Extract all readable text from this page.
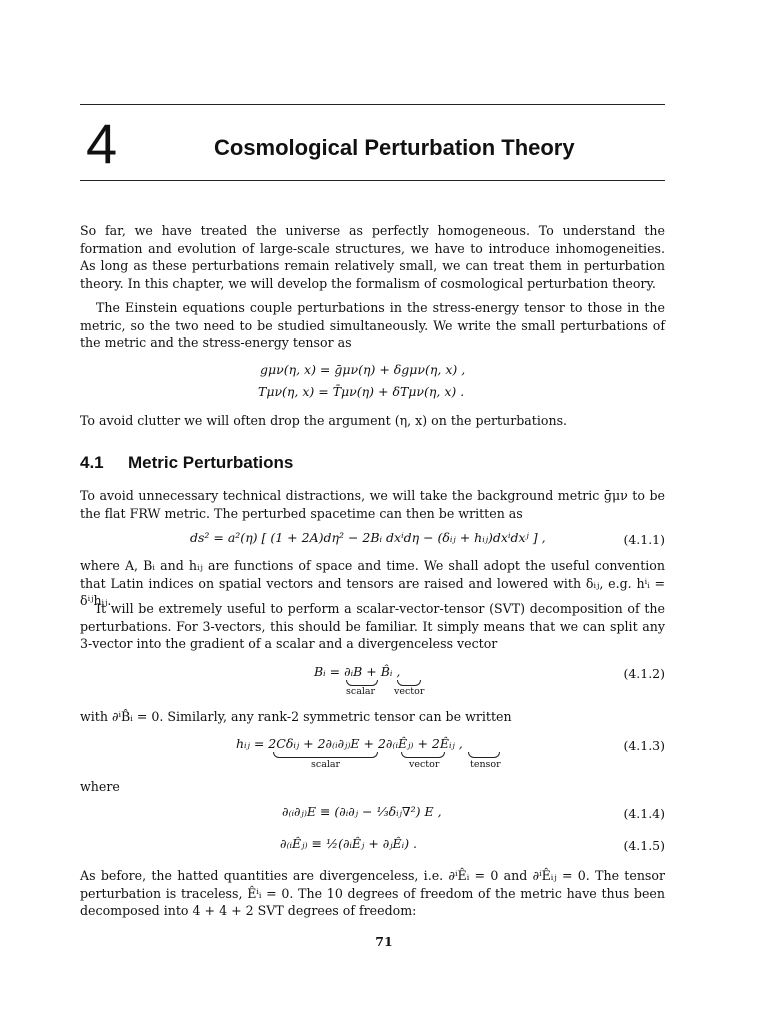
4	Cosmological Perturbation Theory
So far, we have treated the universe as perfectly homogeneous. To understand the formation and evolution of large-scale structures, we have to introduce inhomogeneities. As long as these perturbations remain relatively small, we can treat them in perturbation theory. In this chapter, we will develop the formalism of cosmological perturbation theory.
The Einstein equations couple perturbations in the stress-energy tensor to those in the metric, so the two need to be studied simultaneously. We write the small perturbations of the metric and the stress-energy tensor as
gμν(η, x) = ḡμν(η) + δgμν(η, x) ,
Tμν(η, x) = T̄μν(η) + δTμν(η, x) .
To avoid clutter we will often drop the argument (η, x) on the perturbations.
4.1 Metric Perturbations
To avoid unnecessary technical distractions, we will take the background metric ḡμν to be the flat FRW metric. The perturbed spacetime can then be written as
ds² = a²(η) [ (1 + 2A)dη² − 2Bᵢ dxⁱdη − (δᵢⱼ + hᵢⱼ)dxⁱdxʲ ] ,	(4.1.1)
where A, Bᵢ and hᵢⱼ are functions of space and time. We shall adopt the useful convention that Latin indices on spatial vectors and tensors are raised and lowered with δᵢⱼ, e.g. hⁱᵢ = δⁱʲhᵢⱼ.
It will be extremely useful to perform a scalar-vector-tensor (SVT) decomposition of the perturbations. For 3-vectors, this should be familiar. It simply means that we can split any 3-vector into the gradient of a scalar and a divergenceless vector
Bᵢ = ∂ᵢB + B̂ᵢ ,
scalar vector
(4.1.2)
with ∂ⁱB̂ᵢ = 0. Similarly, any rank-2 symmetric tensor can be written
hᵢⱼ = 2Cδᵢⱼ + 2∂₍ᵢ∂ⱼ₎E + 2∂₍ᵢÊⱼ₎ + 2Êᵢⱼ ,
scalar	vector	tensor
(4.1.3)
where
∂₍ᵢ∂ⱼ₎E ≡ (∂ᵢ∂ⱼ − ⅓δᵢⱼ∇²) E ,	(4.1.4)
∂₍ᵢÊⱼ₎ ≡ ½(∂ᵢÊⱼ + ∂ⱼÊᵢ) .	(4.1.5)
As before, the hatted quantities are divergenceless, i.e. ∂ⁱÊᵢ = 0 and ∂ⁱÊᵢⱼ = 0. The tensor perturbation is traceless, Êⁱᵢ = 0. The 10 degrees of freedom of the metric have thus been decomposed into 4 + 4 + 2 SVT degrees of freedom:
71
